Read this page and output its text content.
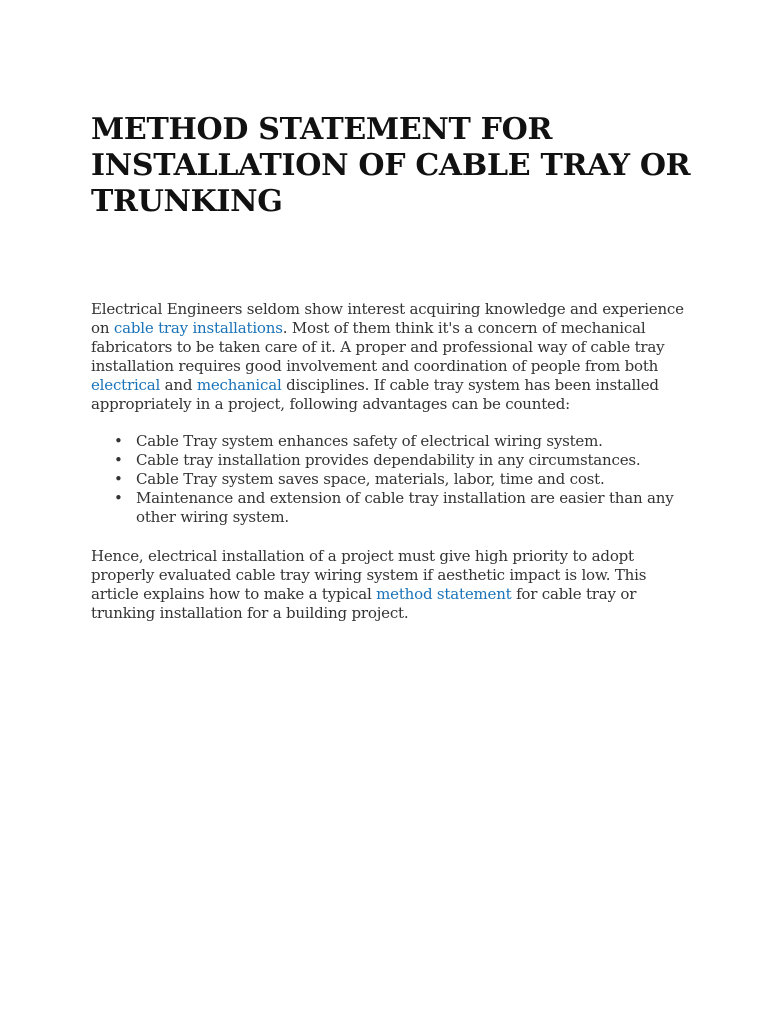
METHOD STATEMENT FOR INSTALLATION OF CABLE TRAY OR TRUNKING

Electrical Engineers seldom show interest acquiring knowledge and experience on cable tray installations. Most of them think it's a concern of mechanical fabricators to be taken care of it. A proper and professional way of cable tray installation requires good involvement and coordination of people from both electrical and mechanical disciplines. If cable tray system has been installed appropriately in a project, following advantages can be counted:

• Cable Tray system enhances safety of electrical wiring system.
• Cable tray installation provides dependability in any circumstances.
• Cable Tray system saves space, materials, labor, time and cost.
• Maintenance and extension of cable tray installation are easier than any other wiring system.

Hence, electrical installation of a project must give high priority to adopt properly evaluated cable tray wiring system if aesthetic impact is low. This article explains how to make a typical method statement for cable tray or trunking installation for a building project.
